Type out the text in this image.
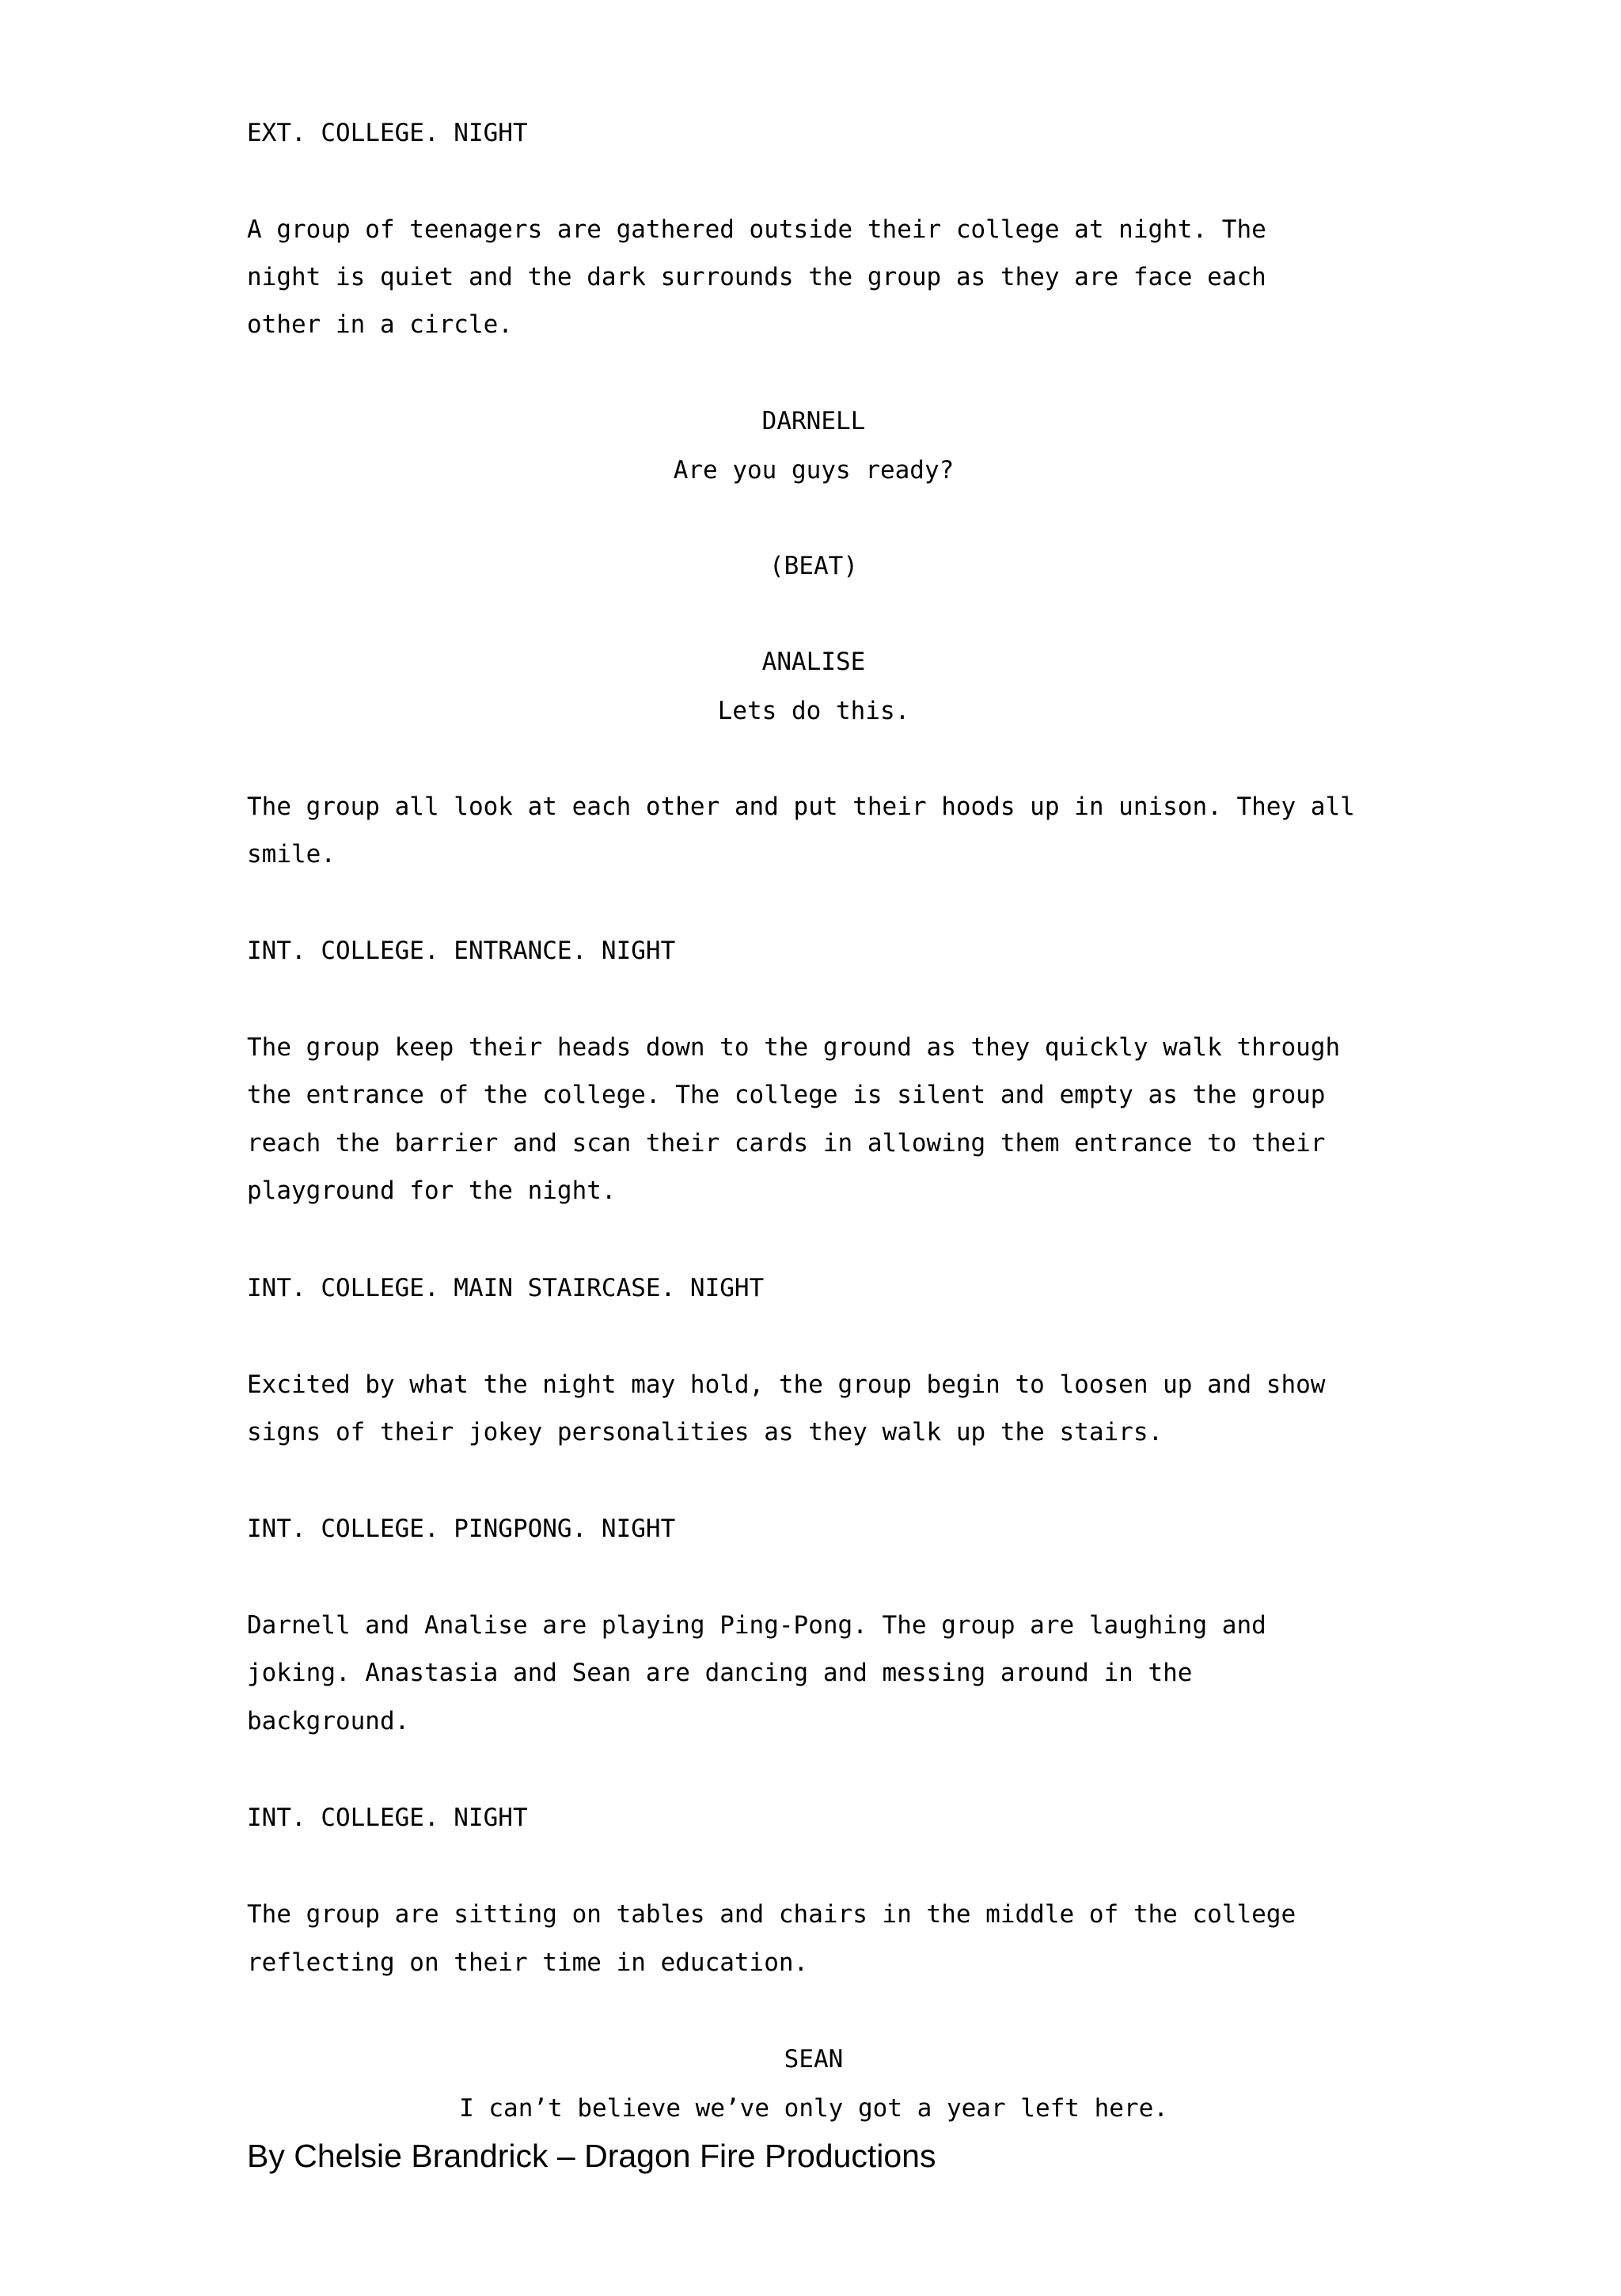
EXT. COLLEGE. NIGHT
A group of teenagers are gathered outside their college at night. The
night is quiet and the dark surrounds the group as they are face each
other in a circle.
DARNELL
Are you guys ready?
(BEAT)
ANALISE
Lets do this.
The group all look at each other and put their hoods up in unison. They all
smile.
INT. COLLEGE. ENTRANCE. NIGHT
The group keep their heads down to the ground as they quickly walk through
the entrance of the college. The college is silent and empty as the group
reach the barrier and scan their cards in allowing them entrance to their
playground for the night.
INT. COLLEGE. MAIN STAIRCASE. NIGHT
Excited by what the night may hold, the group begin to loosen up and show
signs of their jokey personalities as they walk up the stairs.
INT. COLLEGE. PINGPONG. NIGHT
Darnell and Analise are playing Ping-Pong. The group are laughing and
joking. Anastasia and Sean are dancing and messing around in the
background.
INT. COLLEGE. NIGHT
The group are sitting on tables and chairs in the middle of the college
reflecting on their time in education.
SEAN
I can’t believe we’ve only got a year left here.
By Chelsie Brandrick – Dragon Fire Productions
